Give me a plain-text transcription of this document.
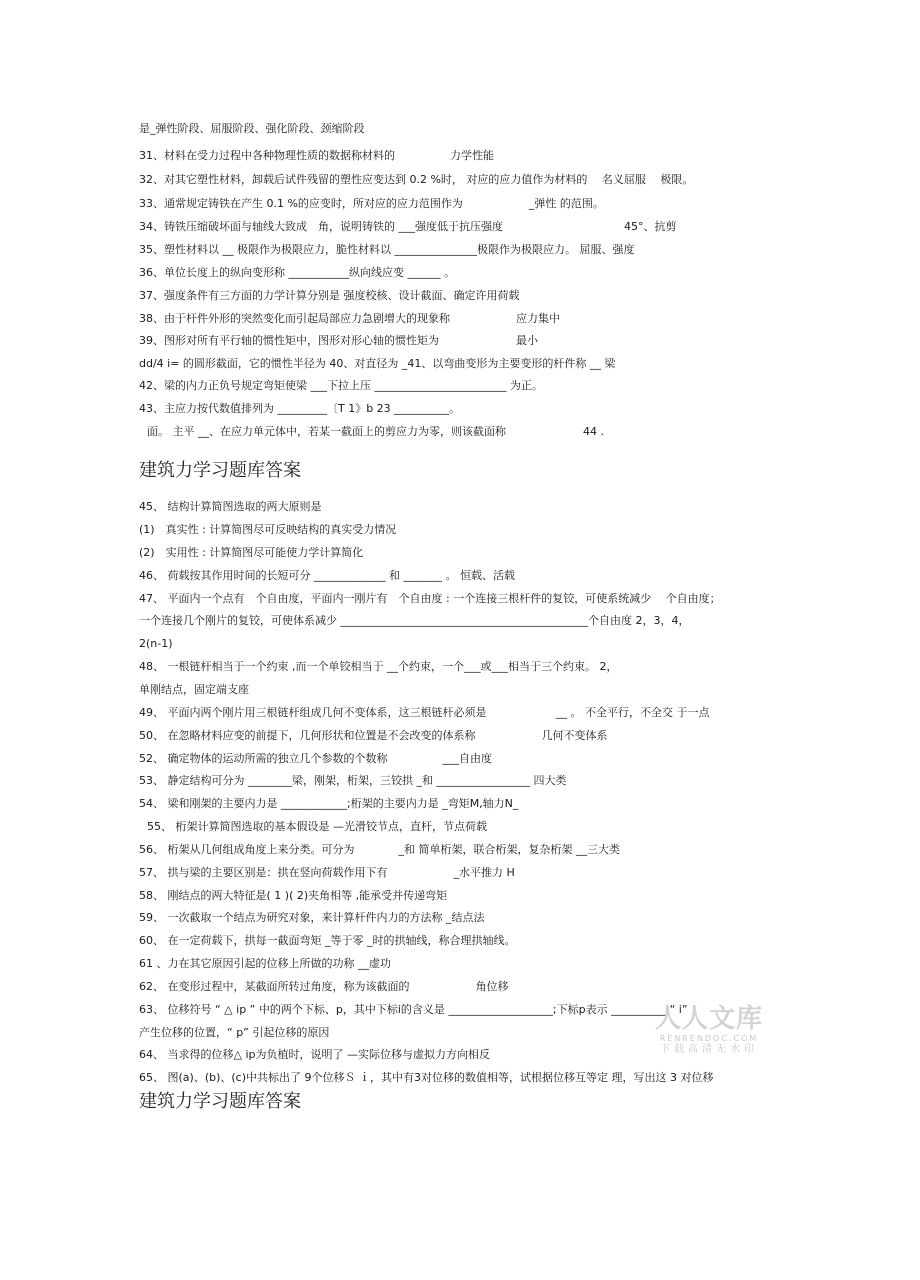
是_弹性阶段、屈服阶段、强化阶段、颈缩阶段
31、材料在受力过程中各种物理性质的数据称材料的　　　　　力学性能
32、对其它塑性材料，卸载后试件残留的塑性应变达到 0.2 %时， 对应的应力值作为材料的　 名义屈服　 极限。
33、通常规定铸铁在产生 0.1 %的应变时，所对应的应力范围作为　　　　　　_弹性 的范围。
34、铸铁压缩破坏面与轴线大致成　角，说明铸铁的 ___强度低于抗压强度　　　　　　　　　　　45°、抗剪
35、塑性材料以 __ 极限作为极限应力，脆性材料以 _______________极限作为极限应力。 屈服、强度
36、单位长度上的纵向变形称 ___________纵向线应变 ______ 。
37、强度条件有三方面的力学计算分别是 强度校核、设计截面、确定许用荷载
38、由于杆件外形的突然变化而引起局部应力急剧增大的现象称　　　　　　应力集中
39、图形对所有平行轴的惯性矩中，图形对形心轴的惯性矩为　　　　　　　最小
dd/4 i= 的圆形截面，它的惯性半径为 40、对直径为 _41、以弯曲变形为主要变形的杆件称 __ 梁
42、梁的内力正负号规定弯矩使梁 ___下拉上压 ________________________ 为正。
43、主应力按代数值排列为 _________〔T 1》b 23 __________。
面。 主平 __、在应力单元体中，若某一截面上的剪应力为零，则该截面称　　　　　　　44 .
建筑力学习题库答案
45、 结构计算简图选取的两大原则是
(1)　真实性 : 计算简图尽可反映结构的真实受力情况
(2)　实用性 : 计算简图尽可能使力学计算简化
46、 荷载按其作用时间的长短可分 _____________ 和 _______ 。 恒载、活载
47、 平面内一个点有　个自由度，平面内一刚片有　个自由度 : 一个连接三根杆件的复铰，可使系统减少　 个自由度；
一个连接几个刚片的复铰，可使体系减少 _____________________________________________个自由度 2，3，4，
2(n-1)
48、 一根链杆相当于一个约束 ,而一个单铰相当于 __个约束，一个___或___相当于三个约束。 2，
单刚结点，固定端支座
49、 平面内两个刚片用三根链杆组成几何不变体系，这三根链杆必须是　　　　　　 __ 。 不全平行，不全交 于一点
50、 在忽略材料应变的前提下，几何形状和位置是不会改变的体系称　　　　　　几何不变体系
52、 确定物体的运动所需的独立几个参数的个数称　　　　　___自由度
53、 静定结构可分为 ________梁，刚架，桁架，三铰拱 _和 _________________ 四大类
54、 梁和刚架的主要内力是 ____________;桁架的主要内力是 _弯矩M,轴力N_
55、 桁架计算简图选取的基本假设是 —光滑铰节点，直杆，节点荷载
56、 桁架从几何组成角度上来分类。可分为　　　　_和 简单桁架，联合桁架，复杂桁架 __三大类
57、 拱与梁的主要区别是：拱在竖向荷载作用下有　　　　　　_水平推力 H
58、 刚结点的两大特征是( 1 )( 2)夹角相等 ,能承受并传递弯矩
59、 一次截取一个结点为研究对象，来计算杆件内力的方法称 _结点法
60、 在一定荷载下，拱每一截面弯矩 _等于零 _时的拱轴线，称合理拱轴线。
61 、力在其它原因引起的位移上所做的功称 __虚功
62、 在变形过程中，某截面所转过角度，称为该截面的　　　　　　角位移
63、 位移符号 “ △ ip ” 中的两个下标、p，其中下标i的含义是 ___________________;下标p表示 __________ “ i”
产生位移的位置，“ p” 引起位移的原因
64、 当求得的位移△ ip为负植时，说明了 —实际位移与虚拟力方向相反
65、 图(a)、(b)、(c)中共标出了 9个位移Ｓ ｉ，其中有3对位移的数值相等，试根据位移互等定 理，写出这 3 对位移
建筑力学习题库答案
人人文库
RENRENDOC.COM
下载高清无水印
